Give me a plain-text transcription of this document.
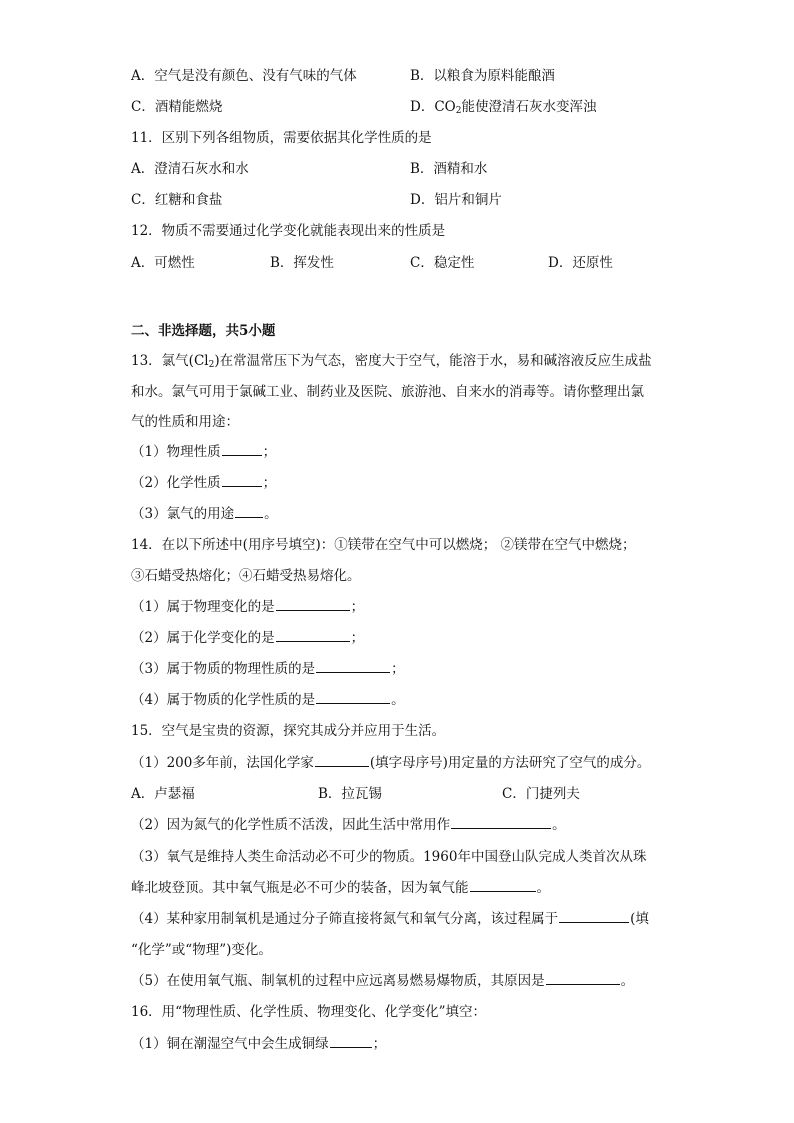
A．空气是没有颜色、没有气味的气体	B．以粮食为原料能酿酒
C．酒精能燃烧	D．$CO_2$能使澄清石灰水变浑浊
11．区别下列各组物质，需要依据其化学性质的是
A．澄清石灰水和水	B．酒精和水
C．红糖和食盐	D．铝片和铜片
12．物质不需要通过化学变化就能表现出来的性质是
A．可燃性	B．挥发性	C．稳定性	D．还原性
二、非选择题，共5小题
13．氯气$(Cl_2)$在常温常压下为气态，密度大于空气，能溶于水，易和碱溶液反应生成盐
和水。氯气可用于氯碱工业、制药业及医院、旅游池、自来水的消毒等。请你整理出氯
气的性质和用途：
（1）物理性质	；
（2）化学性质	；
（3）氯气的用途 。
14．在以下所述中(用序号填空)：①镁带在空气中可以燃烧； ②镁带在空气中燃烧；
③石蜡受热熔化；④石蜡受热易熔化。
（1）属于物理变化的是	；
（2）属于化学变化的是	；
（3）属于物质的物理性质的是	；
（4）属于物质的化学性质的是	。
15．空气是宝贵的资源，探究其成分并应用于生活。
（1）200多年前，法国化学家	(填字母序号)用定量的方法研究了空气的成分。
A．卢瑟福	B．拉瓦锡	C．门捷列夫
（2）因为氮气的化学性质不活泼，因此生活中常用作	。
（3）氧气是维持人类生命活动必不可少的物质。1960年中国登山队完成人类首次从珠
峰北坡登顶。其中氧气瓶是必不可少的装备，因为氧气能	。
（4）某种家用制氧机是通过分子筛直接将氮气和氧气分离，该过程属于	(填
“化学”或“物理”)变化。
（5）在使用氧气瓶、制氧机的过程中应远离易燃易爆物质，其原因是	。
16．用“物理性质、化学性质、物理变化、化学变化”填空：
（1）铜在潮湿空气中会生成铜绿	；
